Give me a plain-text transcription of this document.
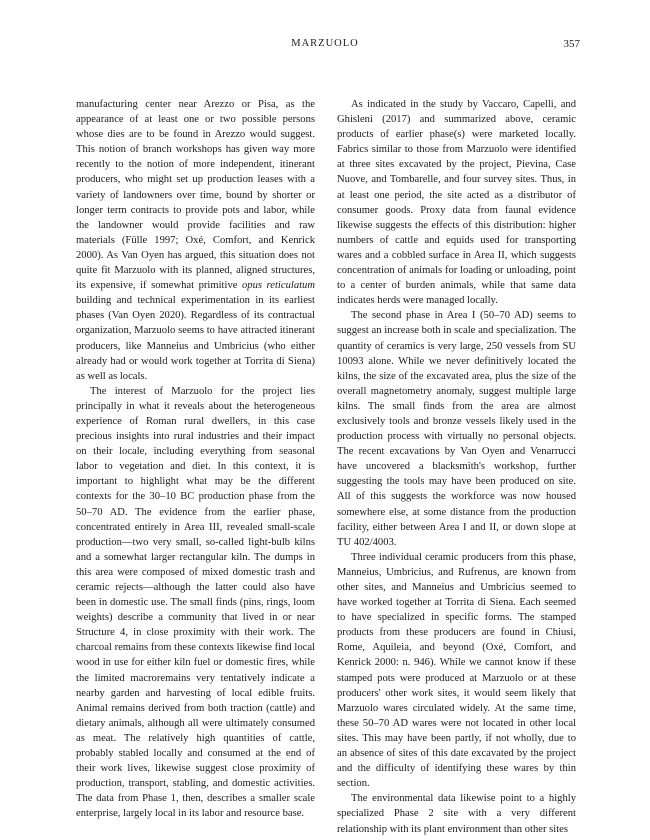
MARZUOLO	357

manufacturing center near Arezzo or Pisa, as the appearance of at least one or two possible persons whose dies are to be found in Arezzo would suggest. This notion of branch workshops has given way more recently to the notion of more independent, itinerant producers, who might set up production leases with a variety of landowners over time, bound by shorter or longer term contracts to provide pots and labor, while the landowner would provide facilities and raw materials (Fülle 1997; Oxé, Comfort, and Kenrick 2000). As Van Oyen has argued, this situation does not quite fit Marzuolo with its planned, aligned structures, its expensive, if somewhat primitive opus reticulatum building and technical experimentation in its earliest phases (Van Oyen 2020). Regardless of its contractual organization, Marzuolo seems to have attracted itinerant producers, like Manneius and Umbricius (who either already had or would work together at Torrita di Siena) as well as locals.

The interest of Marzuolo for the project lies principally in what it reveals about the heterogeneous experience of Roman rural dwellers, in this case precious insights into rural industries and their impact on their locale, including everything from seasonal labor to vegetation and diet. In this context, it is important to highlight what may be the different contexts for the 30–10 BC production phase from the 50–70 AD. The evidence from the earlier phase, concentrated entirely in Area III, revealed small-scale production—two very small, so-called light-bulb kilns and a somewhat larger rectangular kiln. The dumps in this area were composed of mixed domestic trash and ceramic rejects—although the latter could also have been in domestic use. The small finds (pins, rings, loom weights) describe a community that lived in or near Structure 4, in close proximity with their work. The charcoal remains from these contexts likewise find local wood in use for either kiln fuel or domestic fires, while the limited macroremains very tentatively indicate a nearby garden and harvesting of local edible fruits. Animal remains derived from both traction (cattle) and dietary animals, although all were ultimately consumed as meat. The relatively high quantities of cattle, probably stabled locally and consumed at the end of their work lives, likewise suggest close proximity of production, transport, stabling, and domestic activities. The data from Phase 1, then, describes a smaller scale enterprise, largely local in its labor and resource base.

As indicated in the study by Vaccaro, Capelli, and Ghisleni (2017) and summarized above, ceramic products of earlier phase(s) were marketed locally. Fabrics similar to those from Marzuolo were identified at three sites excavated by the project, Pievina, Case Nuove, and Tombarelle, and four survey sites. Thus, in at least one period, the site acted as a distributor of consumer goods. Proxy data from faunal evidence likewise suggests the effects of this distribution: higher numbers of cattle and equids used for transporting wares and a cobbled surface in Area II, which suggests concentration of animals for loading or unloading, point to a center of burden animals, while that same data indicates herds were managed locally.

The second phase in Area I (50–70 AD) seems to suggest an increase both in scale and specialization. The quantity of ceramics is very large, 250 vessels from SU 10093 alone. While we never definitively located the kilns, the size of the excavated area, plus the size of the overall magnetometry anomaly, suggest multiple large kilns. The small finds from the area are almost exclusively tools and bronze vessels likely used in the production process with virtually no personal objects. The recent excavations by Van Oyen and Venarrucci have uncovered a blacksmith's workshop, further suggesting the tools may have been produced on site. All of this suggests the workforce was now housed somewhere else, at some distance from the production facility, either between Area I and II, or down slope at TU 402/4003.

Three individual ceramic producers from this phase, Manneius, Umbricius, and Rufrenus, are known from other sites, and Manneius and Umbricius seemed to have worked together at Torrita di Siena. Each seemed to have specialized in specific forms. The stamped products from these producers are found in Chiusi, Rome, Aquileia, and beyond (Oxé, Comfort, and Kenrick 2000: n. 946). While we cannot know if these stamped pots were produced at Marzuolo or at these producers' other work sites, it would seem likely that Marzuolo wares circulated widely. At the same time, these 50–70 AD wares were not located in other local sites. This may have been partly, if not wholly, due to an absence of sites of this date excavated by the project and the difficulty of identifying these wares by thin section.

The environmental data likewise point to a highly specialized Phase 2 site with a very different relationship with its plant environment than other sites
